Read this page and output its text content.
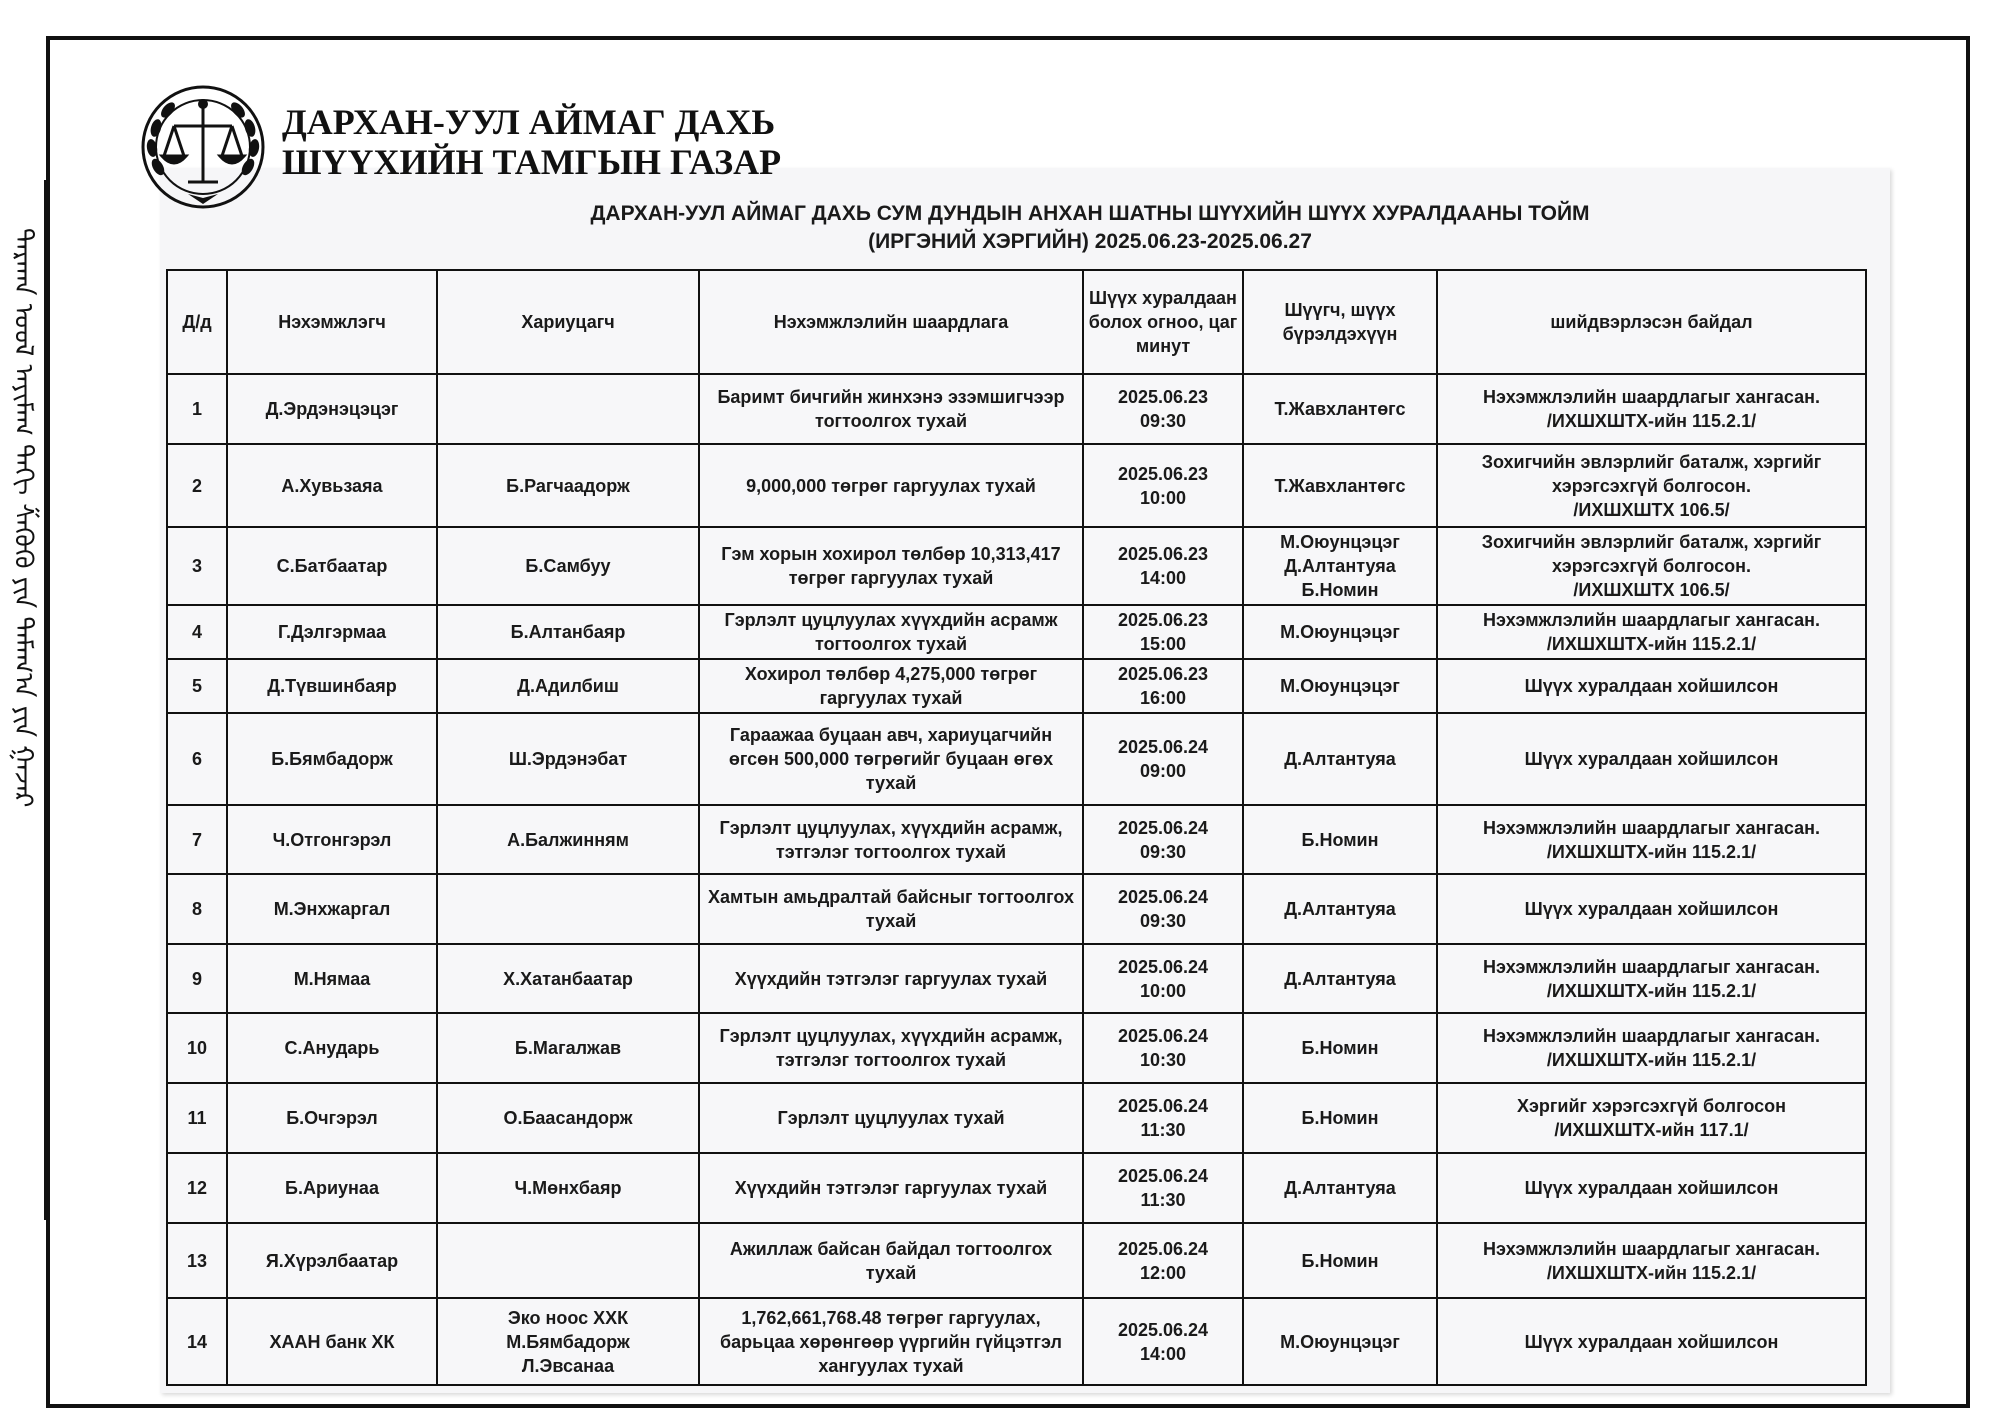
ᠳᠠᠷᠬᠠᠨ ᠤᠤᠯ ᠠᠶᠢᠮᠠᠭ ᠳᠠᠬᠢ ᠱᠠᠭᠦᠬᠦ ᠶᠢᠨ ᠲᠠᠮᠠᠭ᠎ᠠ ᠶᠢᠨ ᠭᠠᠵᠠᠷ
ДАРХАН-УУЛ АЙМАГ ДАХЬ
ШҮҮХИЙН ТАМГЫН ГАЗАР
ДАРХАН-УУЛ АЙМАГ ДАХЬ СУМ ДУНДЫН АНХАН ШАТНЫ ШҮҮХИЙН ШҮҮХ ХУРАЛДААНЫ ТОЙМ
(ИРГЭНИЙ ХЭРГИЙН) 2025.06.23-2025.06.27
Д/д	Нэхэмжлэгч	Хариуцагч	Нэхэмжлэлийн шаардлага	Шүүх хуралдаан болох огноо, цаг минут	Шүүгч, шүүх бүрэлдэхүүн	шийдвэрлэсэн байдал
1	Д.Эрдэнэцэцэг		Баримт бичгийн жинхэнэ эзэмшигчээр
тогтоолгох тухай	2025.06.23
09:30	Т.Жавхлантөгс	Нэхэмжлэлийн шаардлагыг хангасан.
/ИХШХШТХ-ийн 115.2.1/

2	А.Хувьзаяа	Б.Рагчаадорж	9,000,000 төгрөг гаргуулах тухай	2025.06.23
10:00	Т.Жавхлантөгс	Зохигчийн эвлэрлийг баталж, хэргийг
хэрэгсэхгүй болгосон.
/ИХШХШТХ 106.5/

3	С.Батбаатар	Б.Самбуу	Гэм хорын хохирол төлбөр 10,313,417
төгрөг гаргуулах тухай	2025.06.23
14:00	М.Оюунцэцэг
Д.Алтантуяа
Б.Номин	Зохигчийн эвлэрлийг баталж, хэргийг
хэрэгсэхгүй болгосон.
/ИХШХШТХ 106.5/

4	Г.Дэлгэрмаа	Б.Алтанбаяр	Гэрлэлт цуцлуулах хүүхдийн асрамж
тогтоолгох тухай	2025.06.23
15:00	М.Оюунцэцэг	Нэхэмжлэлийн шаардлагыг хангасан.
/ИХШХШТХ-ийн 115.2.1/

5	Д.Түвшинбаяр	Д.Адилбиш	Хохирол төлбөр 4,275,000 төгрөг
гаргуулах тухай	2025.06.23
16:00	М.Оюунцэцэг	Шүүх хуралдаан хойшилсон

6	Б.Бямбадорж	Ш.Эрдэнэбат	Гараажаа буцаан авч, хариуцагчийн
өгсөн 500,000 төгрөгийг буцаан өгөх
тухай	2025.06.24
09:00	Д.Алтантуяа	Шүүх хуралдаан хойшилсон

7	Ч.Отгонгэрэл	А.Балжинням	Гэрлэлт цуцлуулах, хүүхдийн асрамж,
тэтгэлэг тогтоолгох тухай	2025.06.24
09:30	Б.Номин	Нэхэмжлэлийн шаардлагыг хангасан.
/ИХШХШТХ-ийн 115.2.1/

8	М.Энхжаргал		Хамтын амьдралтай байсныг тогтоолгох
тухай	2025.06.24
09:30	Д.Алтантуяа	Шүүх хуралдаан хойшилсон

9	М.Нямаа	Х.Хатанбаатар	Хүүхдийн тэтгэлэг гаргуулах тухай	2025.06.24
10:00	Д.Алтантуяа	Нэхэмжлэлийн шаардлагыг хангасан.
/ИХШХШТХ-ийн 115.2.1/

10	С.Анударь	Б.Магалжав	Гэрлэлт цуцлуулах, хүүхдийн асрамж,
тэтгэлэг тогтоолгох тухай	2025.06.24
10:30	Б.Номин	Нэхэмжлэлийн шаардлагыг хангасан.
/ИХШХШТХ-ийн 115.2.1/

11	Б.Очгэрэл	О.Баасандорж	Гэрлэлт цуцлуулах тухай	2025.06.24
11:30	Б.Номин	Хэргийг хэрэгсэхгүй болгосон
/ИХШХШТХ-ийн 117.1/

12	Б.Ариунаа	Ч.Мөнхбаяр	Хүүхдийн тэтгэлэг гаргуулах тухай	2025.06.24
11:30	Д.Алтантуяа	Шүүх хуралдаан хойшилсон

13	Я.Хүрэлбаатар		Ажиллаж байсан байдал тогтоолгох
тухай	2025.06.24
12:00	Б.Номин	Нэхэмжлэлийн шаардлагыг хангасан.
/ИХШХШТХ-ийн 115.2.1/

14	ХААН банк ХК	Эко ноос ХХК
М.Бямбадорж
Л.Эвсанаа	1,762,661,768.48 төгрөг гаргуулах,
барьцаа хөрөнгөөр үүргийн гүйцэтгэл
хангуулах тухай	2025.06.24
14:00	М.Оюунцэцэг	Шүүх хуралдаан хойшилсон
